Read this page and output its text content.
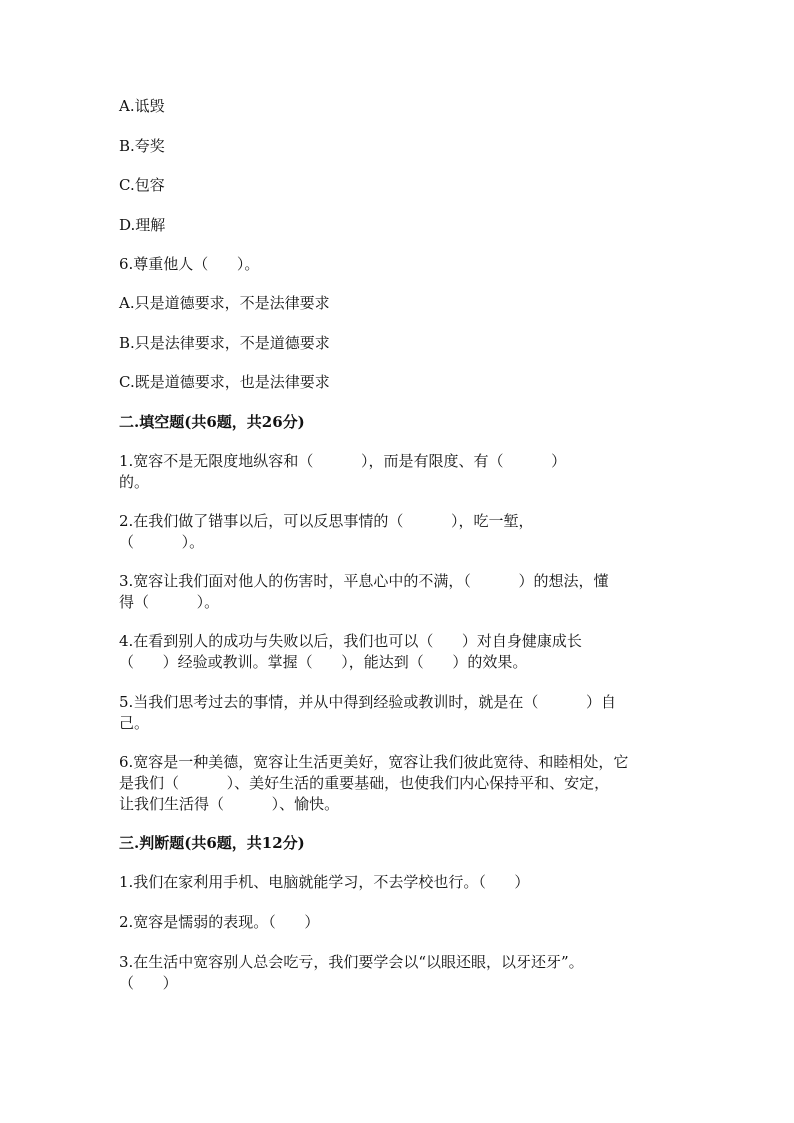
A.诋毁
B.夸奖
C.包容
D.理解
6.尊重他人（      ）。
A.只是道德要求，不是法律要求
B.只是法律要求，不是道德要求
C.既是道德要求，也是法律要求
二.填空题(共6题，共26分)
1.宽容不是无限度地纵容和（          ），而是有限度、有（          ）
的。
2.在我们做了错事以后，可以反思事情的（          ），吃一堑，
（          ）。
3.宽容让我们面对他人的伤害时，平息心中的不满，（          ）的想法，懂
得（          ）。
4.在看到别人的成功与失败以后，我们也可以（      ）对自身健康成长
（      ）经验或教训。掌握（      ），能达到（      ）的效果。
5.当我们思考过去的事情，并从中得到经验或教训时，就是在（          ）自
己。
6.宽容是一种美德，宽容让生活更美好，宽容让我们彼此宽待、和睦相处，它
是我们（          ）、美好生活的重要基础，也使我们内心保持平和、安定，
让我们生活得（          ）、愉快。
三.判断题(共6题，共12分)
1.我们在家利用手机、电脑就能学习，不去学校也行。（      ）
2.宽容是懦弱的表现。（      ）
3.在生活中宽容别人总会吃亏，我们要学会以“以眼还眼，以牙还牙”。
（      ）
